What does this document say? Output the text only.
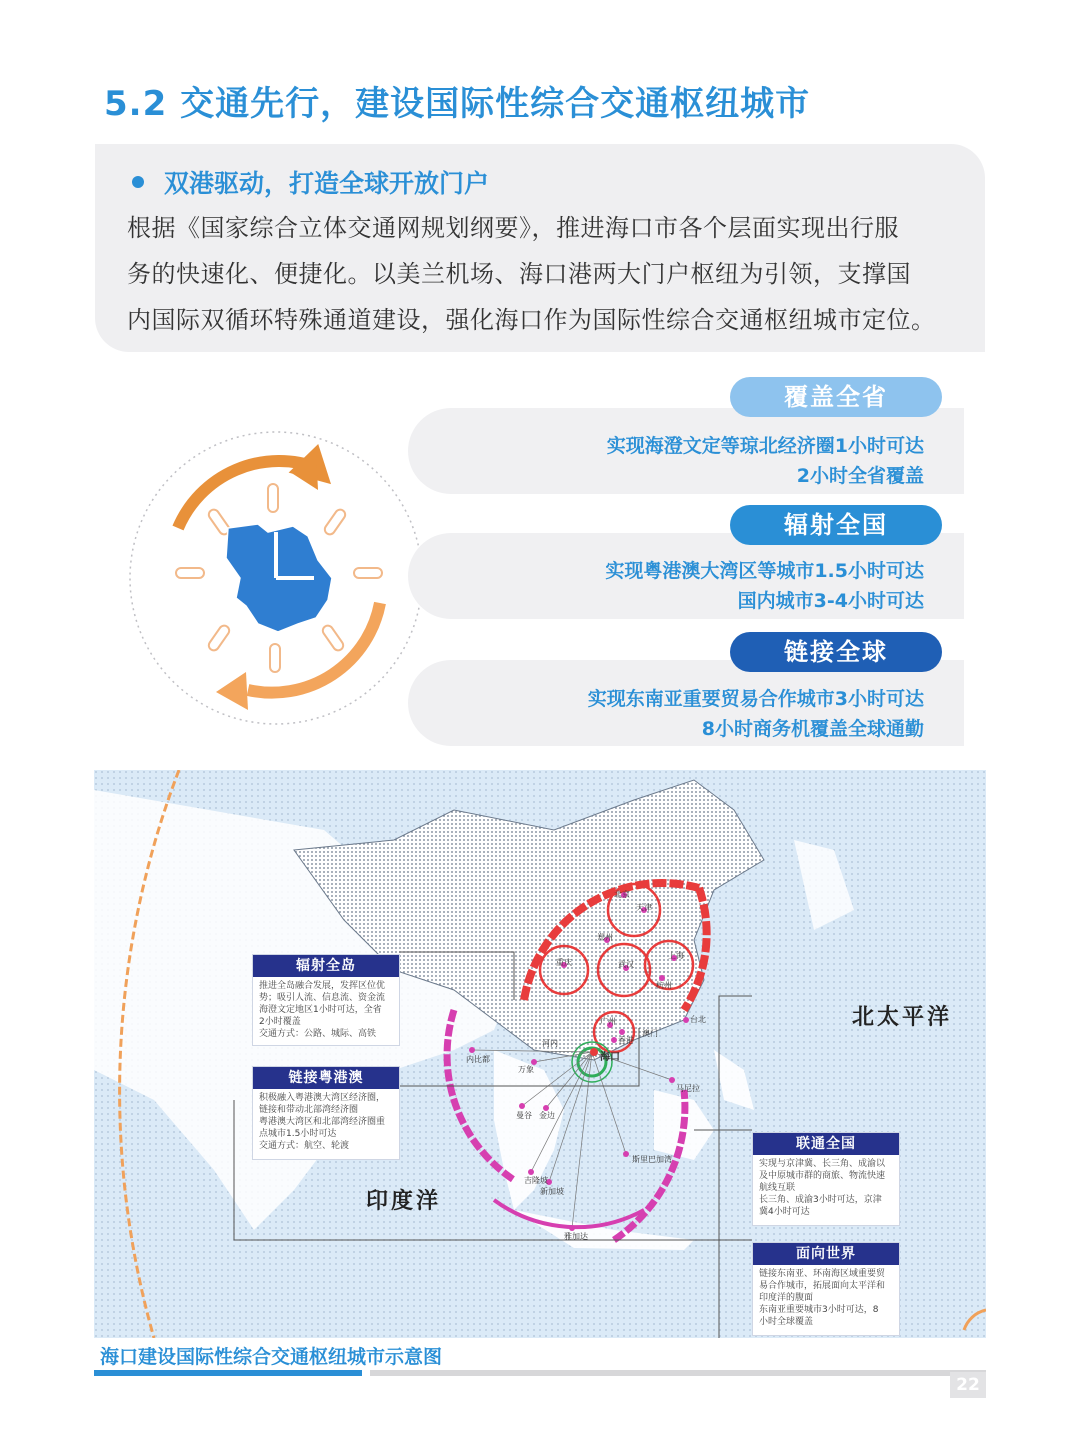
5.2 交通先行，建设国际性综合交通枢纽城市
双港驱动，打造全球开放门户
根据《国家综合立体交通网规划纲要》，推进海口市各个层面实现出行服
务的快速化、便捷化。以美兰机场、海口港两大门户枢纽为引领，支撑国
内国际双循环特殊通道建设，强化海口作为国际性综合交通枢纽城市定位。
覆盖全省
实现海澄文定等琼北经济圈1小时可达
2小时全省覆盖
辐射全国
实现粤港澳大湾区等城市1.5小时可达
国内城市3-4小时可达
链接全球
实现东南亚重要贸易合作城市3小时可达
8小时商务机覆盖全球通勤
北太平洋
印度洋
海口
北京
天津
郑州
重庆	武汉
上海
杭州
广州
香港
澳门
台北
河内
万象
内比都
曼谷 金边
马尼拉
斯里巴加湾
吉隆坡
新加坡
雅加达
辐射全岛
推进全岛融合发展，发挥区位优
势；吸引人流、信息流、资金流
海澄文定地区1小时可达，全省
2小时覆盖
交通方式：公路、城际、高铁
链接粤港澳
积极融入粤港澳大湾区经济圈，
链接和带动北部湾经济圈
粤港澳大湾区和北部湾经济圈重
点城市1.5小时可达
交通方式：航空、轮渡	联通全国
实现与京津冀、长三角、成渝以
及中原城市群的商旅、物流快速
航线互联
长三角、成渝3小时可达，京津
冀4小时可达
面向世界
链接东南亚、环南海区域重要贸
易合作城市，拓展面向太平洋和
印度洋的腹面
东南亚重要城市3小时可达，8
小时全球覆盖
海口建设国际性综合交通枢纽城市示意图
22
